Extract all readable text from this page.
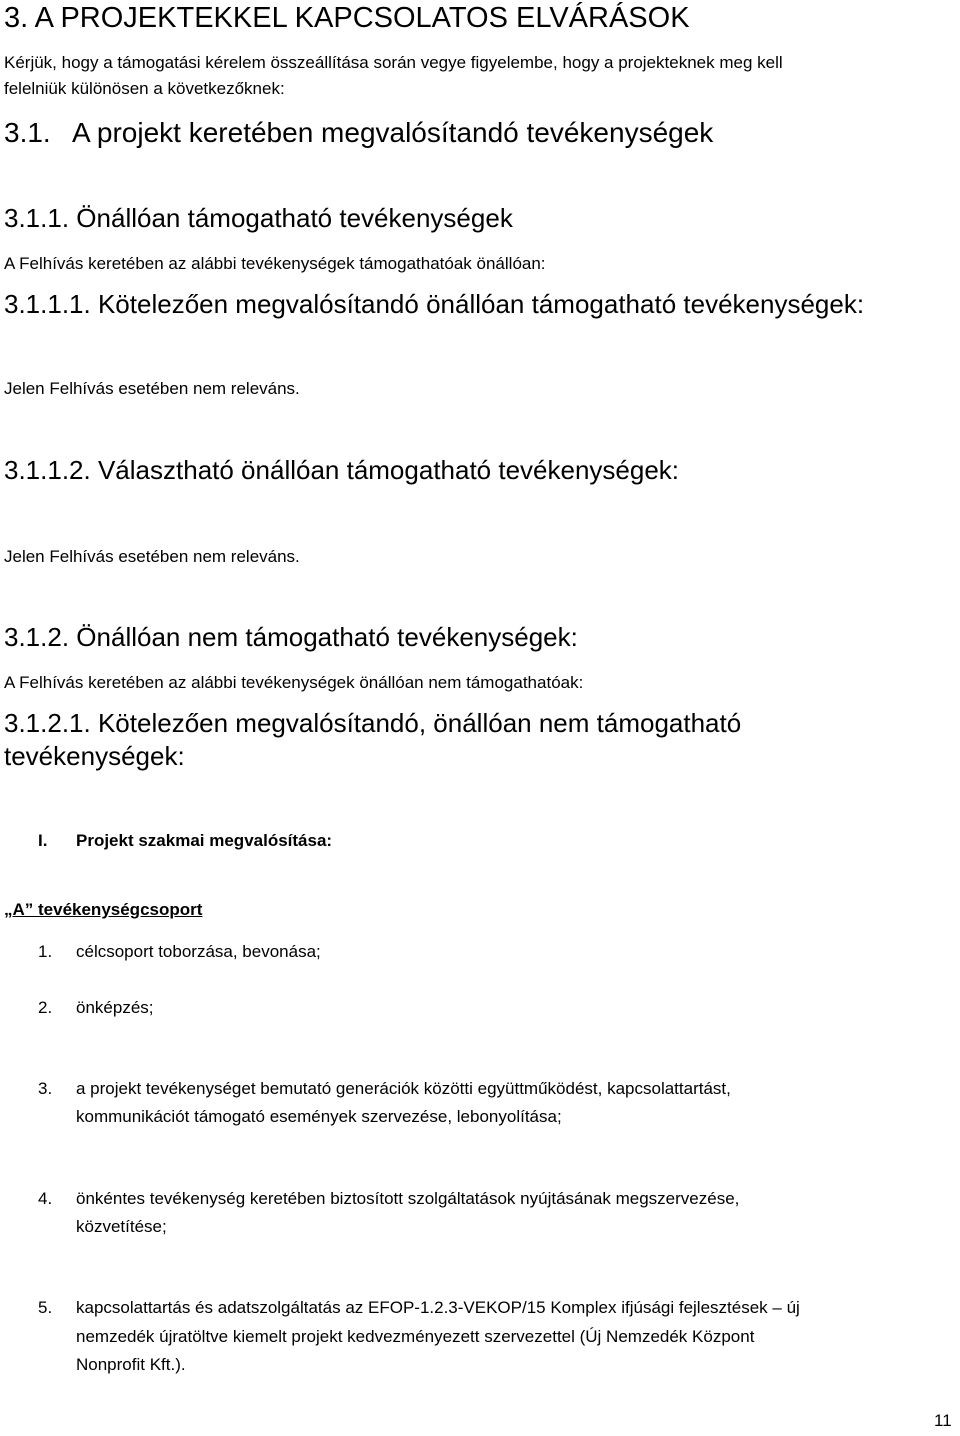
3. A PROJEKTEKKEL KAPCSOLATOS ELVÁRÁSOK
Kérjük, hogy a támogatási kérelem összeállítása során vegye figyelembe, hogy a projekteknek meg kell
felelniük különösen a következőknek:
3.1. A projekt keretében megvalósítandó tevékenységek
3.1.1. Önállóan támogatható tevékenységek
A Felhívás keretében az alábbi tevékenységek támogathatóak önállóan:
3.1.1.1. Kötelezően megvalósítandó önállóan támogatható tevékenységek:
Jelen Felhívás esetében nem releváns.
3.1.1.2. Választható önállóan támogatható tevékenységek:
Jelen Felhívás esetében nem releváns.
3.1.2. Önállóan nem támogatható tevékenységek:
A Felhívás keretében az alábbi tevékenységek önállóan nem támogathatóak:
3.1.2.1. Kötelezően megvalósítandó, önállóan nem támogatható
tevékenységek:
I. Projekt szakmai megvalósítása:
„A” tevékenységcsoport
1. célcsoport toborzása, bevonása;
2. önképzés;
3. a projekt tevékenységet bemutató generációk közötti együttműködést, kapcsolattartást,
kommunikációt támogató események szervezése, lebonyolítása;
4. önkéntes tevékenység keretében biztosított szolgáltatások nyújtásának megszervezése,
közvetítése;
5. kapcsolattartás és adatszolgáltatás az EFOP-1.2.3-VEKOP/15 Komplex ifjúsági fejlesztések – új
nemzedék újratöltve kiemelt projekt kedvezményezett szervezettel (Új Nemzedék Központ
Nonprofit Kft.).
11
